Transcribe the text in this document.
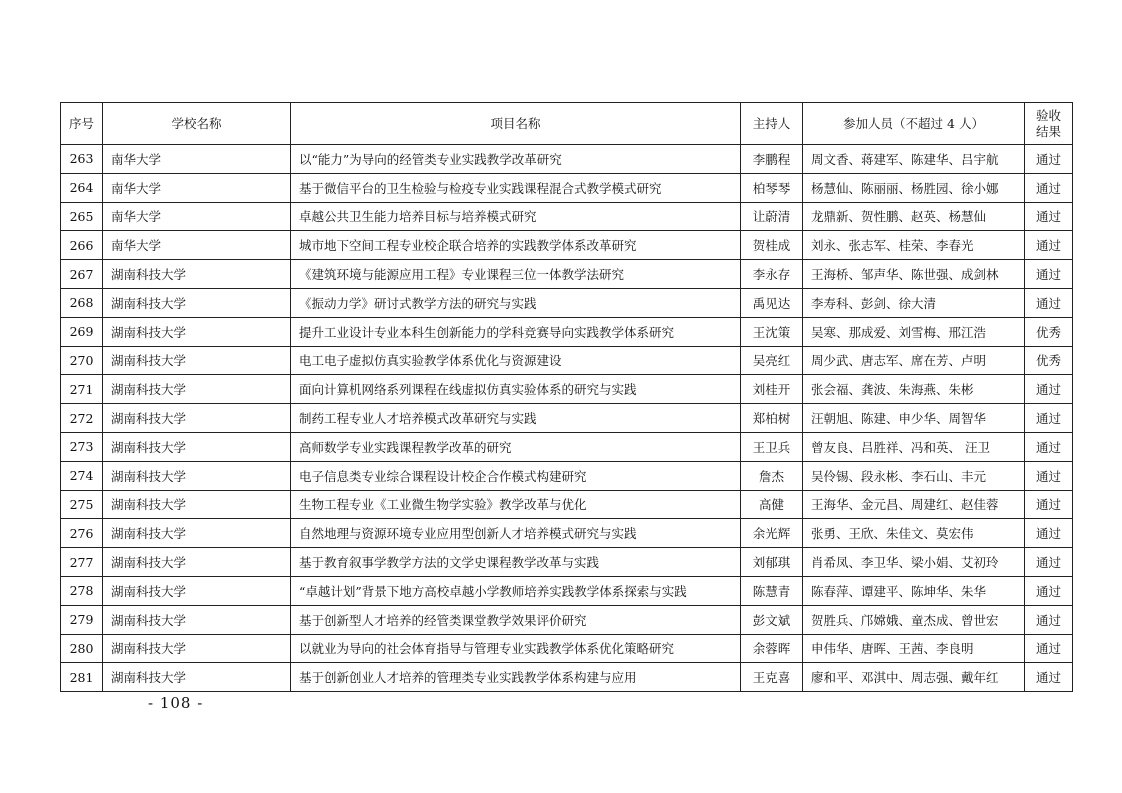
序号	学校名称	项目名称	主持人	参加人员（不超过 4 人）	验收
结果
263	南华大学	以“能力”为导向的经管类专业实践教学改革研究	李鹏程	周文香、蒋建军、陈建华、吕宇航	通过
264	南华大学	基于微信平台的卫生检验与检疫专业实践课程混合式教学模式研究	柏琴琴	杨慧仙、陈丽丽、杨胜园、徐小娜	通过
265	南华大学	卓越公共卫生能力培养目标与培养模式研究	让蔚清	龙鼎新、贺性鹏、赵英、杨慧仙	通过
266	南华大学	城市地下空间工程专业校企联合培养的实践教学体系改革研究	贺桂成	刘永、张志军、桂荣、李春光	通过
267	湖南科技大学	《建筑环境与能源应用工程》专业课程三位一体教学法研究	李永存	王海桥、邹声华、陈世强、成剑林	通过
268	湖南科技大学	《振动力学》研讨式教学方法的研究与实践	禹见达	李寿科、彭剑、徐大清	通过
269	湖南科技大学	提升工业设计专业本科生创新能力的学科竞赛导向实践教学体系研究	王沈策	吴寒、那成爱、刘雪梅、邢江浩	优秀
270	湖南科技大学	电工电子虚拟仿真实验教学体系优化与资源建设	吴亮红	周少武、唐志军、席在芳、卢明	优秀
271	湖南科技大学	面向计算机网络系列课程在线虚拟仿真实验体系的研究与实践	刘桂开	张会福、龚波、朱海燕、朱彬	通过
272	湖南科技大学	制药工程专业人才培养模式改革研究与实践	郑柏树	汪朝旭、陈建、申少华、周智华	通过
273	湖南科技大学	高师数学专业实践课程教学改革的研究	王卫兵	曾友良、吕胜祥、冯和英、 汪卫	通过
274	湖南科技大学	电子信息类专业综合课程设计校企合作模式构建研究	詹杰	吴伶锡、段永彬、李石山、丰元	通过
275	湖南科技大学	生物工程专业《工业微生物学实验》教学改革与优化	高健	王海华、金元昌、周建红、赵佳蓉	通过
276	湖南科技大学	自然地理与资源环境专业应用型创新人才培养模式研究与实践	余光辉	张勇、王欣、朱佳文、莫宏伟	通过
277	湖南科技大学	基于教育叙事学教学方法的文学史课程教学改革与实践	刘郁琪	肖希凤、李卫华、梁小娟、艾初玲	通过
278	湖南科技大学	“卓越计划”背景下地方高校卓越小学教师培养实践教学体系探索与实践	陈慧青	陈春萍、谭建平、陈坤华、朱华	通过
279	湖南科技大学	基于创新型人才培养的经管类课堂教学效果评价研究	彭文斌	贺胜兵、邝嫦娥、童杰成、曾世宏	通过
280	湖南科技大学	以就业为导向的社会体育指导与管理专业实践教学体系优化策略研究	余蓉晖	申伟华、唐晖、王茜、李良明	通过
281	湖南科技大学	基于创新创业人才培养的管理类专业实践教学体系构建与应用	王克喜	廖和平、邓淇中、周志强、戴年红	通过
- 108 -
